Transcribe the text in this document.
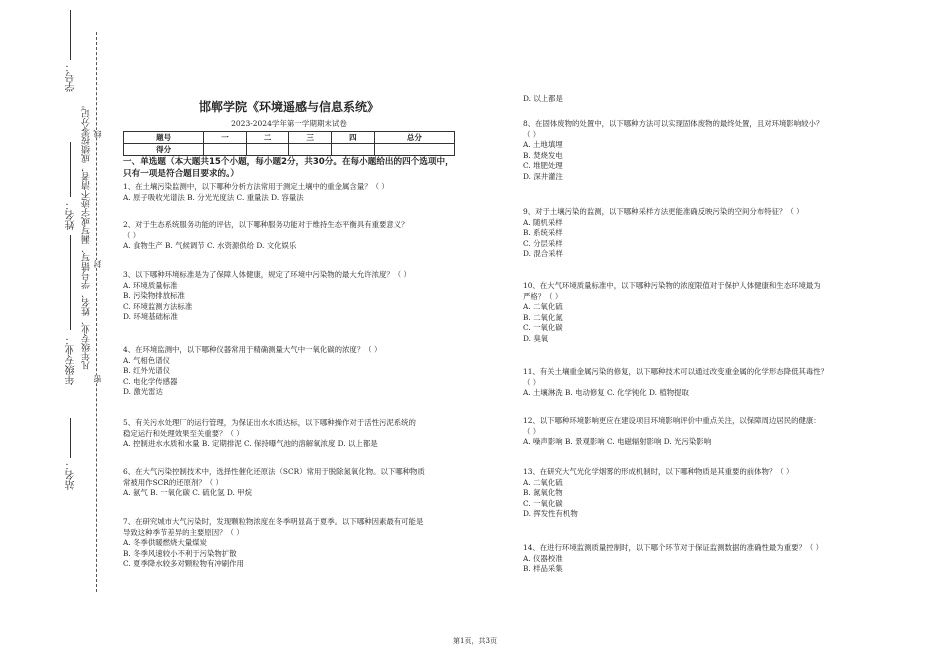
学号：
姓名：
年级专业：
站名：
凡年级专业、姓名、学号错写、漏写或字迹不清者，成绩按零分记。 线
封
密
邯郸学院《环境遥感与信息系统》
2023-2024学年第一学期期末试卷
题号	一	二	三	四	总分
得分					
一、单选题（本大题共15个小题，每小题2分，共30分。在每小题给出的四个选项中，只有一项是符合题目要求的。）

1、在土壤污染监测中，以下哪种分析方法常用于测定土壤中的重金属含量？（ ）

A. 原子吸收光谱法 B. 分光光度法 C. 重量法 D. 容量法

2、对于生态系统服务功能的评估，以下哪种服务功能对于维持生态平衡具有重要意义？

（ ）

A. 食物生产 B. 气候调节 C. 水资源供给 D. 文化娱乐

3、以下哪种环境标准是为了保障人体健康，规定了环境中污染物的最大允许浓度？（ ）

A. 环境质量标准

B. 污染物排放标准

C. 环境监测方法标准

D. 环境基础标准

4、在环境监测中，以下哪种仪器常用于精确测量大气中一氧化碳的浓度？（ ）

A. 气相色谱仪

B. 红外光谱仪

C. 电化学传感器

D. 激光雷达

5、有关污水处理厂的运行管理，为保证出水水质达标，以下哪种操作对于活性污泥系统的

稳定运行和处理效果至关重要？（ ）

A. 控制进水水质和水量 B. 定期排泥 C. 保持曝气池的溶解氧浓度 D. 以上都是

6、在大气污染控制技术中，选择性催化还原法（SCR）常用于脱除氮氧化物。以下哪种物质

常被用作SCR的还原剂？（ ）

A. 氨气 B. 一氧化碳 C. 硫化氢 D. 甲烷

7、在研究城市大气污染时，发现颗粒物浓度在冬季明显高于夏季。以下哪种因素最有可能是

导致这种季节差异的主要原因？（ ）

A. 冬季供暖燃烧大量煤炭

B. 冬季风速较小不利于污染物扩散

C. 夏季降水较多对颗粒物有冲刷作用

D. 以上都是

8、在固体废物的处置中，以下哪种方法可以实现固体废物的最终处置，且对环境影响较小？

（ ）

A. 土地填埋

B. 焚烧发电

C. 堆肥处理

D. 深井灌注

9、对于土壤污染的监测，以下哪种采样方法更能准确反映污染的空间分布特征？（ ）

A. 随机采样

B. 系统采样

C. 分层采样

D. 混合采样

10、在大气环境质量标准中，以下哪种污染物的浓度限值对于保护人体健康和生态环境最为

严格？（ ）

A. 二氧化硫

B. 二氧化氮

C. 一氧化碳

D. 臭氧

11、有关土壤重金属污染的修复，以下哪种技术可以通过改变重金属的化学形态降低其毒性？

（ ）

A. 土壤淋洗 B. 电动修复 C. 化学钝化 D. 植物提取

12、以下哪种环境影响更应在建设项目环境影响评价中重点关注，以保障周边居民的健康：

（ ）

A. 噪声影响 B. 景观影响 C. 电磁辐射影响 D. 光污染影响

13、在研究大气光化学烟雾的形成机制时，以下哪种物质是其重要的前体物？（ ）

A. 二氧化硫

B. 氮氧化物

C. 一氧化碳

D. 挥发性有机物

14、在进行环境监测质量控制时，以下哪个环节对于保证监测数据的准确性最为重要？（ ）

A. 仪器校准

B. 样品采集

第1页，共3页
